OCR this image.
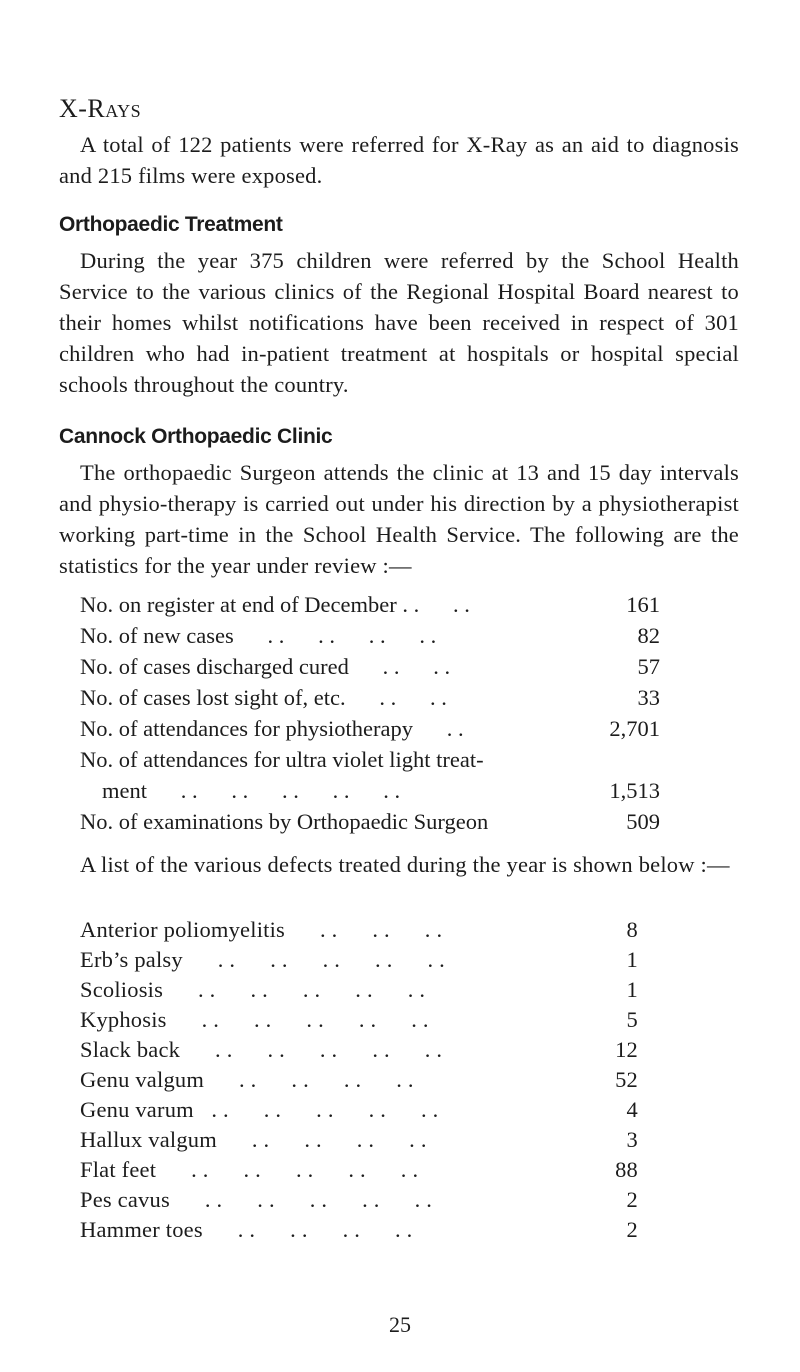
X-Rays

A total of 122 patients were referred for X-Ray as an aid to diagnosis and 215 films were exposed.

Orthopaedic Treatment

During the year 375 children were referred by the School Health Service to the various clinics of the Regional Hospital Board nearest to their homes whilst notifications have been received in respect of 301 children who had in-patient treatment at hospitals or hospital special schools throughout the country.

Cannock Orthopaedic Clinic

The orthopaedic Surgeon attends the clinic at 13 and 15 day intervals and physio-therapy is carried out under his direction by a physiotherapist working part-time in the School Health Service. The following are the statistics for the year under review :—

No. on register at end of December . .      . .	161
No. of new cases . .      . .      . .      . .	82
No. of cases discharged cured . .      . .	57
No. of cases lost sight of, etc. . .      . .	33
No. of attendances for physiotherapy . .	2,701
No. of attendances for ultra violet light treat-
ment . .      . .      . .      . .      . .	1,513
No. of examinations by Orthopaedic Surgeon	509

A list of the various defects treated during the year is shown below :—

Anterior poliomyelitis . .      . .      . .	8
Erb’s palsy . .      . .      . .      . .      . .	1
Scoliosis . .      . .      . .      . .      . .	1
Kyphosis . .      . .      . .      . .      . .	5
Slack back . .      . .      . .      . .      . .	12
Genu valgum . .      . .      . .      . .	52
Genu varum . .      . .      . .      . .      . .	4
Hallux valgum . .      . .      . .      . .	3
Flat feet . .      . .      . .      . .      . .	88
Pes cavus . .      . .      . .      . .      . .	2
Hammer toes . .      . .      . .      . .	2
25
